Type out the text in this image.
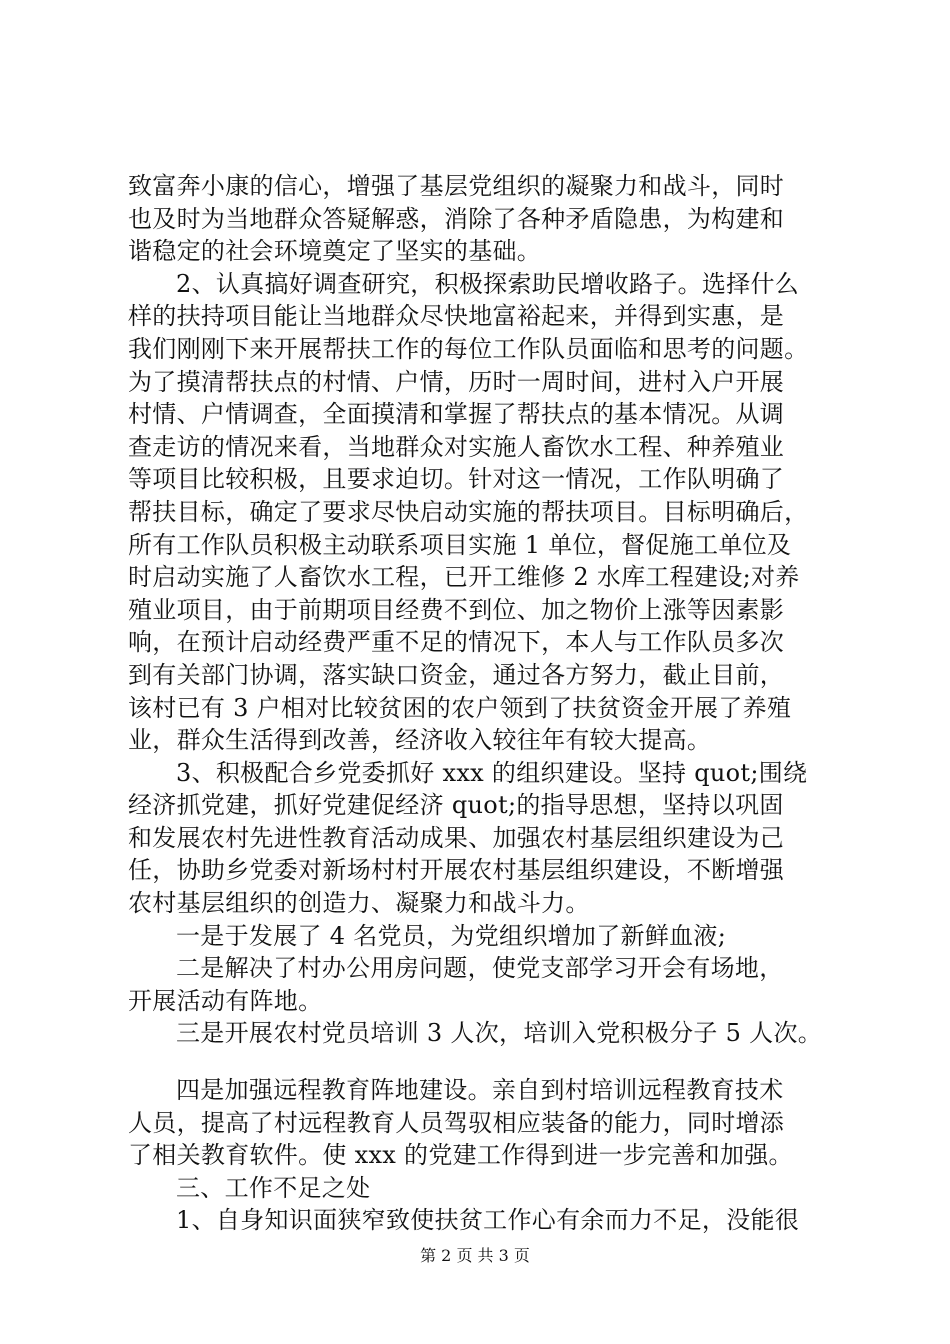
致富奔小康的信心，增强了基层党组织的凝聚力和战斗，同时
也及时为当地群众答疑解惑，消除了各种矛盾隐患，为构建和
谐稳定的社会环境奠定了坚实的基础。
2、认真搞好调查研究，积极探索助民增收路子。选择什么
样的扶持项目能让当地群众尽快地富裕起来，并得到实惠，是
我们刚刚下来开展帮扶工作的每位工作队员面临和思考的问题。
为了摸清帮扶点的村情、户情，历时一周时间，进村入户开展
村情、户情调查，全面摸清和掌握了帮扶点的基本情况。从调
查走访的情况来看，当地群众对实施人畜饮水工程、种养殖业
等项目比较积极，且要求迫切。针对这一情况，工作队明确了
帮扶目标，确定了要求尽快启动实施的帮扶项目。目标明确后，
所有工作队员积极主动联系项目实施 1 单位，督促施工单位及
时启动实施了人畜饮水工程，已开工维修 2 水库工程建设;对养
殖业项目，由于前期项目经费不到位、加之物价上涨等因素影
响，在预计启动经费严重不足的情况下，本人与工作队员多次
到有关部门协调，落实缺口资金，通过各方努力，截止目前，
该村已有 3 户相对比较贫困的农户领到了扶贫资金开展了养殖
业，群众生活得到改善，经济收入较往年有较大提高。
3、积极配合乡党委抓好 xxx 的组织建设。坚持 quot;围绕
经济抓党建，抓好党建促经济 quot;的指导思想，坚持以巩固
和发展农村先进性教育活动成果、加强农村基层组织建设为己
任，协助乡党委对新场村村开展农村基层组织建设，不断增强
农村基层组织的创造力、凝聚力和战斗力。
一是于发展了 4 名党员，为党组织增加了新鲜血液;
二是解决了村办公用房问题，使党支部学习开会有场地，
开展活动有阵地。
三是开展农村党员培训 3 人次，培训入党积极分子 5 人次。
四是加强远程教育阵地建设。亲自到村培训远程教育技术
人员，提高了村远程教育人员驾驭相应装备的能力，同时增添
了相关教育软件。使 xxx 的党建工作得到进一步完善和加强。
三、工作不足之处
1、自身知识面狭窄致使扶贫工作心有余而力不足，没能很
第 2 页 共 3 页
